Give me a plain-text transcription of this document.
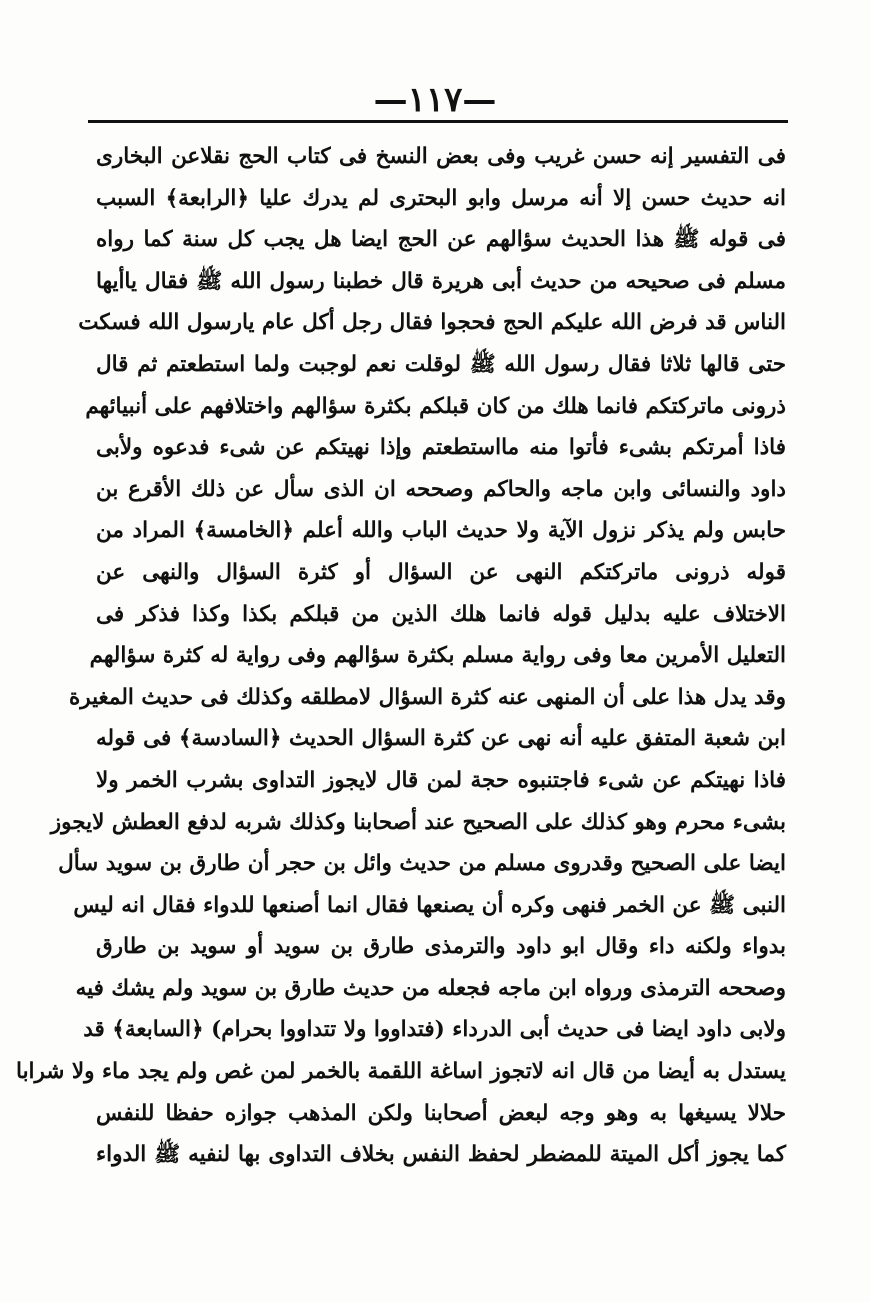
—١١٧—
فى التفسير إنه حسن غريب وفى بعض النسخ فى كتاب الحج نقلاعن البخارى
انه حديث حسن إلا أنه مرسل وابو البحترى لم يدرك عليا ﴿الرابعة﴾ السبب
فى قوله ﷺ هذا الحديث سؤالهم عن الحج ايضا هل يجب كل سنة كما رواه
مسلم فى صحيحه من حديث أبى هريرة قال خطبنا رسول الله ﷺ فقال ياأيها
الناس قد فرض الله عليكم الحج فحجوا فقال رجل أكل عام يارسول الله فسكت
حتى قالها ثلاثا فقال رسول الله ﷺ لوقلت نعم لوجبت ولما استطعتم ثم قال
ذرونى ماتركتكم فانما هلك من كان قبلكم بكثرة سؤالهم واختلافهم على أنبيائهم
فاذا أمرتكم بشىء فأتوا منه مااستطعتم وإذا نهيتكم عن شىء فدعوه ولأبى
داود والنسائى وابن ماجه والحاكم وصححه ان الذى سأل عن ذلك الأقرع بن
حابس ولم يذكر نزول الآية ولا حديث الباب والله أعلم ﴿الخامسة﴾ المراد من
قوله ذرونى ماتركتكم النهى عن السؤال أو كثرة السؤال والنهى عن
الاختلاف عليه بدليل قوله فانما هلك الذين من قبلكم بكذا وكذا فذكر فى
التعليل الأمرين معا وفى رواية مسلم بكثرة سؤالهم وفى رواية له كثرة سؤالهم
وقد يدل هذا على أن المنهى عنه كثرة السؤال لامطلقه وكذلك فى حديث المغيرة
ابن شعبة المتفق عليه أنه نهى عن كثرة السؤال الحديث ﴿السادسة﴾ فى قوله
فاذا نهيتكم عن شىء فاجتنبوه حجة لمن قال لايجوز التداوى بشرب الخمر ولا
بشىء محرم وهو كذلك على الصحيح عند أصحابنا وكذلك شربه لدفع العطش لايجوز
ايضا على الصحيح وقدروى مسلم من حديث وائل بن حجر أن طارق بن سويد سأل
النبى ﷺ عن الخمر فنهى وكره أن يصنعها فقال انما أصنعها للدواء فقال انه ليس
بدواء ولكنه داء وقال ابو داود والترمذى طارق بن سويد أو سويد بن طارق
وصححه الترمذى ورواه ابن ماجه فجعله من حديث طارق بن سويد ولم يشك فيه
ولابى داود ايضا فى حديث أبى الدرداء (فتداووا ولا تتداووا بحرام) ﴿السابعة﴾ قد
يستدل به أيضا من قال انه لاتجوز اساغة اللقمة بالخمر لمن غص ولم يجد ماء ولا شرابا
حلالا يسيغها به وهو وجه لبعض أصحابنا ولكن المذهب جوازه حفظا للنفس
كما يجوز أكل الميتة للمضطر لحفظ النفس بخلاف التداوى بها لنفيه ﷺ الدواء
